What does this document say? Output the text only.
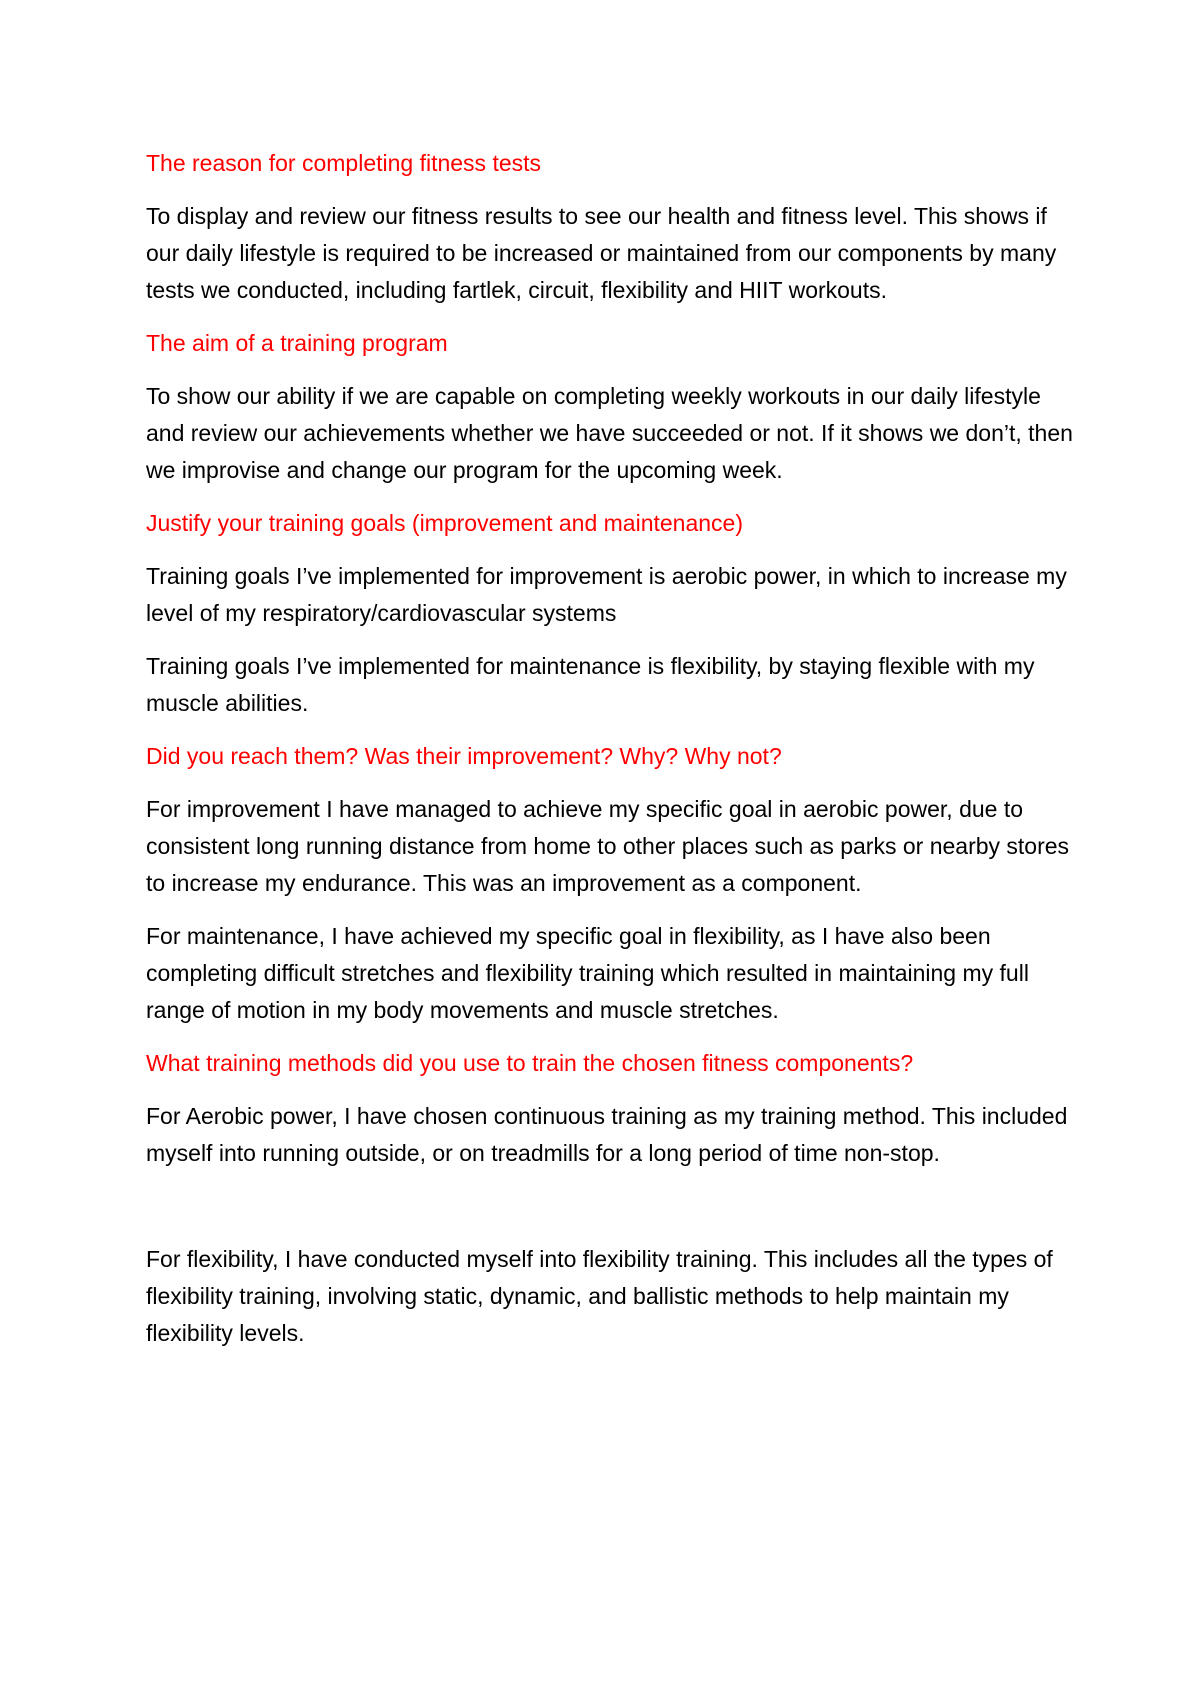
The reason for completing fitness tests
To display and review our fitness results to see our health and fitness level. This shows if our daily lifestyle is required to be increased or maintained from our components by many tests we conducted, including fartlek, circuit, flexibility and HIIT workouts.
The aim of a training program
To show our ability if we are capable on completing weekly workouts in our daily lifestyle and review our achievements whether we have succeeded or not. If it shows we don’t, then we improvise and change our program for the upcoming week.
Justify your training goals (improvement and maintenance)
Training goals I’ve implemented for improvement is aerobic power, in which to increase my level of my respiratory/cardiovascular systems
Training goals I’ve implemented for maintenance is flexibility, by staying flexible with my muscle abilities.
Did you reach them? Was their improvement? Why? Why not?
For improvement I have managed to achieve my specific goal in aerobic power, due to consistent long running distance from home to other places such as parks or nearby stores to increase my endurance. This was an improvement as a component.
For maintenance, I have achieved my specific goal in flexibility, as I have also been completing difficult stretches and flexibility training which resulted in maintaining my full range of motion in my body movements and muscle stretches.
What training methods did you use to train the chosen fitness components?
For Aerobic power, I have chosen continuous training as my training method. This included myself into running outside, or on treadmills for a long period of time non-stop.
For flexibility, I have conducted myself into flexibility training. This includes all the types of flexibility training, involving static, dynamic, and ballistic methods to help maintain my flexibility levels.
